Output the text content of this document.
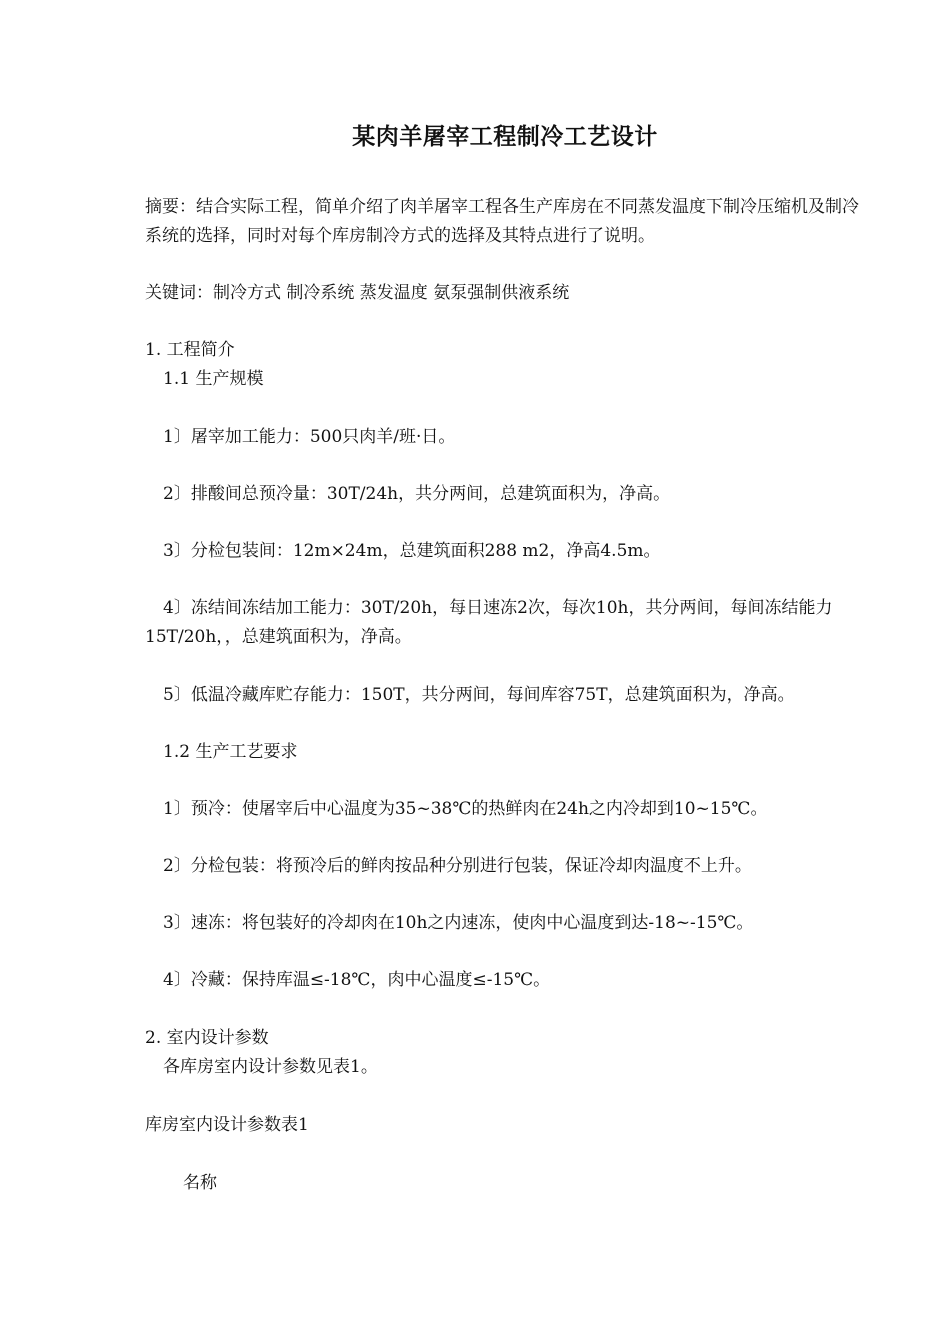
某肉羊屠宰工程制冷工艺设计
摘要：结合实际工程，简单介绍了肉羊屠宰工程各生产库房在不同蒸发温度下制冷压缩机及制冷系统的选择，同时对每个库房制冷方式的选择及其特点进行了说明。
关键词：制冷方式 制冷系统 蒸发温度 氨泵强制供液系统
1. 工程简介
1.1 生产规模
1〕屠宰加工能力：500只肉羊/班·日。
2〕排酸间总预冷量：30T/24h，共分两间，总建筑面积为，净高。
3〕分检包装间：12m×24m，总建筑面积288 m2，净高4.5m。
4〕冻结间冻结加工能力：30T/20h，每日速冻2次，每次10h，共分两间，每间冻结能力15T/20h，，总建筑面积为，净高。
5〕低温冷藏库贮存能力：150T，共分两间，每间库容75T，总建筑面积为，净高。
1.2 生产工艺要求
1〕预冷：使屠宰后中心温度为35~38℃的热鲜肉在24h之内冷却到10~15℃。
2〕分检包装：将预冷后的鲜肉按品种分别进行包装，保证冷却肉温度不上升。
3〕速冻：将包装好的冷却肉在10h之内速冻，使肉中心温度到达-18~-15℃。
4〕冷藏：保持库温≤-18℃，肉中心温度≤-15℃。
2. 室内设计参数
各库房室内设计参数见表1。
库房室内设计参数表1
名称
